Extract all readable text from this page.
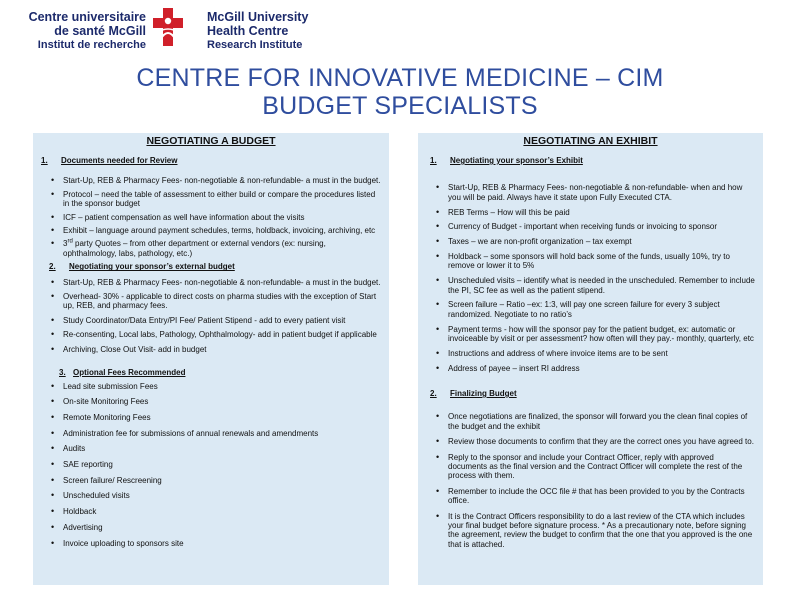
Centre universitaire
de santé McGill
Institut de recherche
McGill University
Health Centre
Research Institute
CENTRE FOR INNOVATIVE MEDICINE – CIM
BUDGET SPECIALISTS
NEGOTIATING A BUDGET
1.	Documents needed for Review
• Start-Up, REB & Pharmacy Fees- non-negotiable & non-refundable- a must in the budget.
• Protocol – need the table of assessment to either build or compare the procedures listed in the sponsor budget
• ICF – patient compensation as well have information about the visits
• Exhibit – language around payment schedules, terms, holdback, invoicing, archiving, etc
• 3rd party Quotes – from other department or external vendors (ex: nursing, ophthalmology, labs, pathology, etc.)
2.	Negotiating your sponsor’s external budget
• Start-Up, REB & Pharmacy Fees- non-negotiable & non-refundable- a must in the budget.
• Overhead- 30% - applicable to direct costs on pharma studies with the exception of Start up, REB, and pharmacy fees.
• Study Coordinator/Data Entry/PI Fee/ Patient Stipend - add to every patient visit
• Re-consenting, Local labs, Pathology, Ophthalmology- add in patient budget if applicable
• Archiving, Close Out Visit- add in budget
3. Optional Fees Recommended
• Lead site submission Fees
• On-site Monitoring Fees
• Remote Monitoring Fees
• Administration fee for submissions of annual renewals and amendments
• Audits
• SAE reporting
• Screen failure/ Rescreening
• Unscheduled visits
• Holdback
• Advertising
• Invoice uploading to sponsors site
NEGOTIATING AN EXHIBIT
1.	Negotiating your sponsor’s Exhibit
• Start-Up, REB & Pharmacy Fees- non-negotiable & non-refundable- when and how you will be paid. Always have it state upon Fully Executed CTA.
• REB Terms – How will this be paid
• Currency of Budget - important when receiving funds or invoicing to sponsor
• Taxes – we are non-profit organization – tax exempt
• Holdback – some sponsors will hold back some of the funds, usually 10%, try to remove or lower it to 5%
• Unscheduled visits – identify what is needed in the unscheduled. Remember to include the PI, SC fee as well as the patient stipend.
• Screen failure – Ratio –ex: 1:3, will pay one screen failure for every 3 subject randomized. Negotiate to no ratio’s
• Payment terms - how will the sponsor pay for the patient budget, ex: automatic or invoiceable by visit or per assessment? how often will they pay.- monthly, quarterly, etc
• Instructions and address of where invoice items are to be sent
• Address of payee – insert RI address
2.	Finalizing Budget
• Once negotiations are finalized, the sponsor will forward you the clean final copies of the budget and the exhibit
• Review those documents to confirm that they are the correct ones you have agreed to.
• Reply to the sponsor and include your Contract Officer, reply with approved documents as the final version and the Contract Officer will complete the rest of the process with them.
• Remember to include the OCC file # that has been provided to you by the Contracts office.
• It is the Contract Officers responsibility to do a last review of the CTA which includes your final budget before signature process. * As a precautionary note, before signing the agreement, review the budget to confirm that the one that you approved is the one that is attached.
